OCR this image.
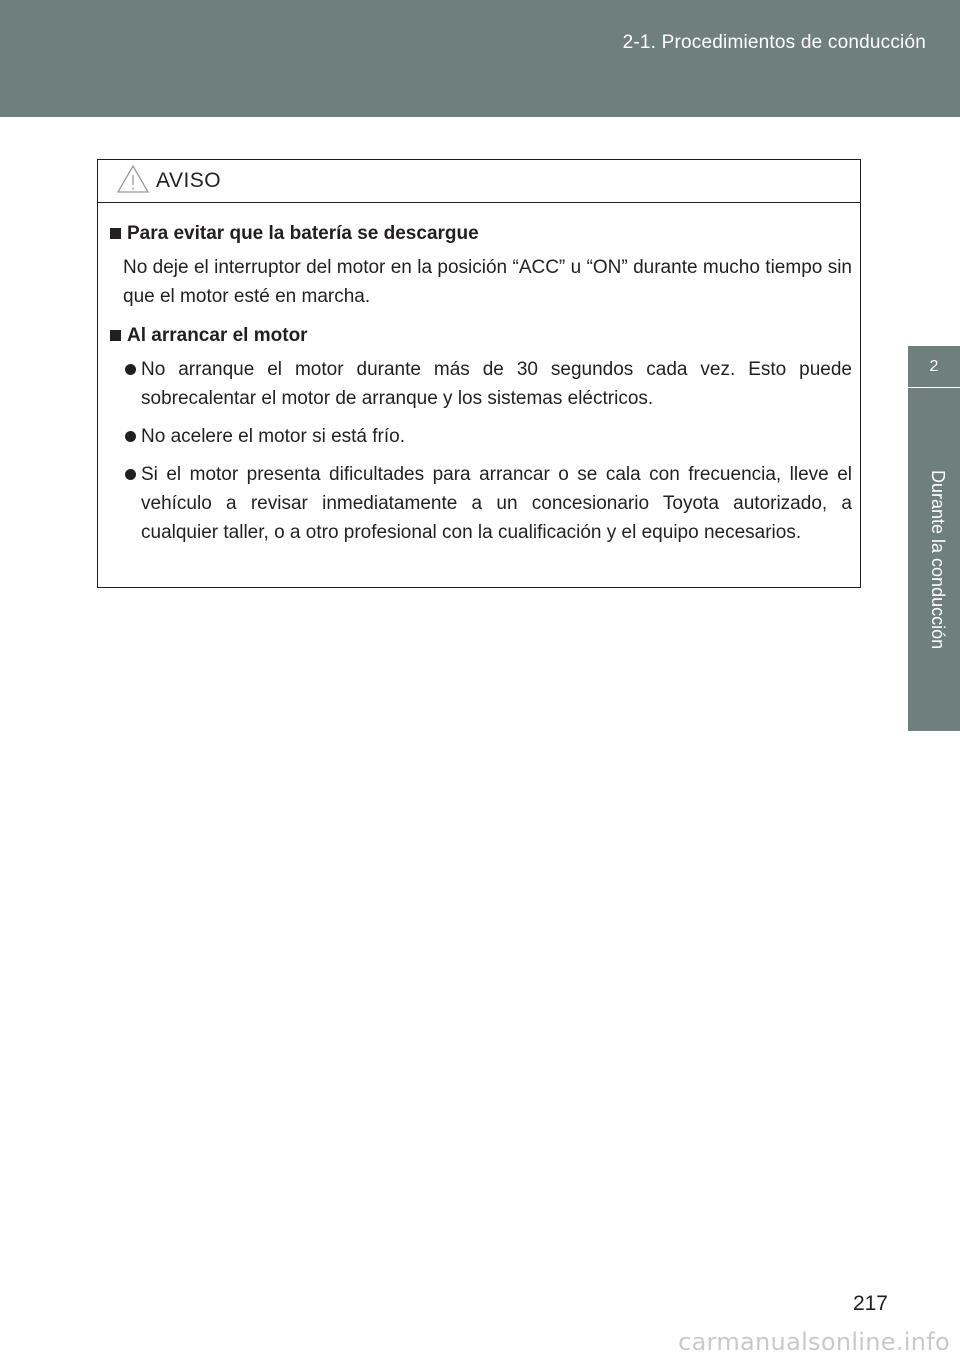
2-1. Procedimientos de conducción
2
Durante la conducción
AVISO
Para evitar que la batería se descargue
No deje el interruptor del motor en la posición “ACC” u “ON” durante mucho tiempo sin que el motor esté en marcha.
Al arrancar el motor
No arranque el motor durante más de 30 segundos cada vez. Esto puede sobrecalentar el motor de arranque y los sistemas eléctricos.
No acelere el motor si está frío.
Si el motor presenta dificultades para arrancar o se cala con frecuencia, lleve el vehículo a revisar inmediatamente a un concesionario Toyota autorizado, a cualquier taller, o a otro profesional con la cualificación y el equipo necesarios.
217
carmanualsonline.info
